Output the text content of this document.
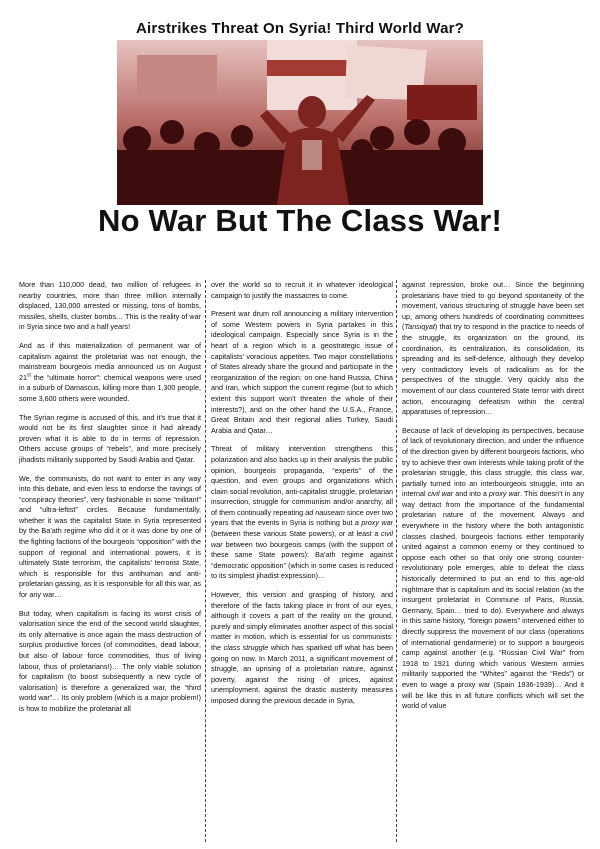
Airstrikes Threat On Syria! Third World War?
No War But The Class War!

More than 110,000 dead, two million of refugees in nearby countries, more than three million internally displaced, 130,000 arrested or missing, tons of bombs, missiles, shells, cluster bombs… This is the reality of war in Syria since two and a half years!

And as if this materialization of permanent war of capitalism against the proletariat was not enough, the mainstream bourgeois media announced us on August 21st the “ultimate horror”: chemical weapons were used in a suburb of Damascus, killing more than 1,300 people, some 3,600 others were wounded.

The Syrian regime is accused of this, and it’s true that it would not be its first slaughter since it had already proven what it is able to do in terms of repression. Others accuse groups of “rebels”, and more precisely jihadists militarily supported by Saudi Arabia and Qatar.

We, the communists, do not want to enter in any way into this debate, and even less to endorse the ravings of “conspiracy theories”, very fashionable in some “militant” and “ultra-leftist” circles. Because fundamentally, whether it was the capitalist State in Syria represented by the Ba’ath regime who did it or it was done by one of the fighting factions of the bourgeois “opposition” with the support of regional and international powers, it is ultimately State terrorism, the capitalists’ terrorist State, which is responsible for this antihuman and anti-proletarian gassing, as it is responsible for all this war, as for any war…

But today, when capitalism is facing its worst crisis of valorisation since the end of the second world slaughter, its only alternative is once again the mass destruction of surplus productive forces (of commodities, dead labour, but also of labour force commodities, thus of living labour, thus of proletarians!)… The only viable solution for capitalism (to boost subsequently a new cycle of valorisation) is therefore a generalized war, the “third world war”… Its only problem (which is a major problem!) is how to mobilize the proletariat all

over the world so to recruit it in whatever ideological campaign to justify the massacres to come.

Present war drum roll announcing a military intervention of some Western powers in Syria partakes in this ideological campaign. Especially since Syria is in the heart of a region which is a geostrategic issue of capitalists’ voracious appetites. Two major constellations of States already share the ground and participate in the reorganization of the region: on one hand Russia, China and Iran, which support the current regime (but to which extent this support won’t threaten the whole of their interests?), and on the other hand the U.S.A., France, Great Britain and their regional allies Turkey, Saudi Arabia and Qatar…

Threat of military intervention strengthens this polarization and also backs up in their analysis the public opinion, bourgeois propaganda, “experts” of the question, and even groups and organizations which claim social revolution, anti-capitalist struggle, proletarian insurrection, struggle for communism and/or anarchy, all of them continually repeating ad nauseam since over two years that the events in Syria is nothing but a proxy war (between these various State powers), or at least a civil war between two bourgeois camps (with the support of these same State powers): Ba’ath regime against “democratic opposition” (which in some cases is reduced to its simplest jihadist expression)…

However, this version and grasping of history, and therefore of the facts taking place in front of our eyes, although it covers a part of the reality on the ground, purely and simply eliminates another aspect of this social matter in motion, which is essential for us communists: the class struggle which has sparked off what has been going on now. In March 2011, a significant movement of struggle, an uprising of a proletarian nature, against poverty, against the rising of prices, against unemployment, against the drastic austerity measures imposed during the previous decade in Syria,

against repression, broke out… Since the beginning proletarians have tried to go beyond spontaneity of the movement, various structuring of struggle have been set up, among others hundreds of coordinating committees (Tansiqyat) that try to respond in the practice to needs of the struggle, its organization on the ground, its coordination, its centralization, its consolidation, its spreading and its self-defence, although they develop very contradictory levels of radicalism as for the perspectives of the struggle. Very quickly also the movement of our class countered State terror with direct action, encouraging defeatism within the central apparatuses of repression…

Because of lack of developing its perspectives, because of lack of revolutionary direction, and under the influence of the direction given by different bourgeois factions, who try to achieve their own interests while taking profit of the proletarian struggle, this class struggle, this class war, partially turned into an interbourgeois struggle, into an internal civil war and into a proxy war. This doesn’t in any way detract from the importance of the fundamental proletarian nature of the movement. Always and everywhere in the history where the both antagonistic classes clashed, bourgeois factions either temporarily united against a common enemy or they continued to oppose each other so that only one strong counter-revolutionary pole emerges, able to defeat the class historically determined to put an end to this age-old nightmare that is capitalism and its social relation (as the insurgent proletariat in Commune of Paris, Russia, Germany, Spain… tried to do). Everywhere and always in this same history, “foreign powers” intervened either to directly suppress the movement of our class (operations of international gendarmerie) or to support a bourgeois camp against another (e.g. “Russian Civil War” from 1918 to 1921 during which various Western armies militarily supported the “Whites” against the “Reds”) or even to wage a proxy war (Spain 1936-1939)… And it will be like this in all future conflicts which will set the world of value
